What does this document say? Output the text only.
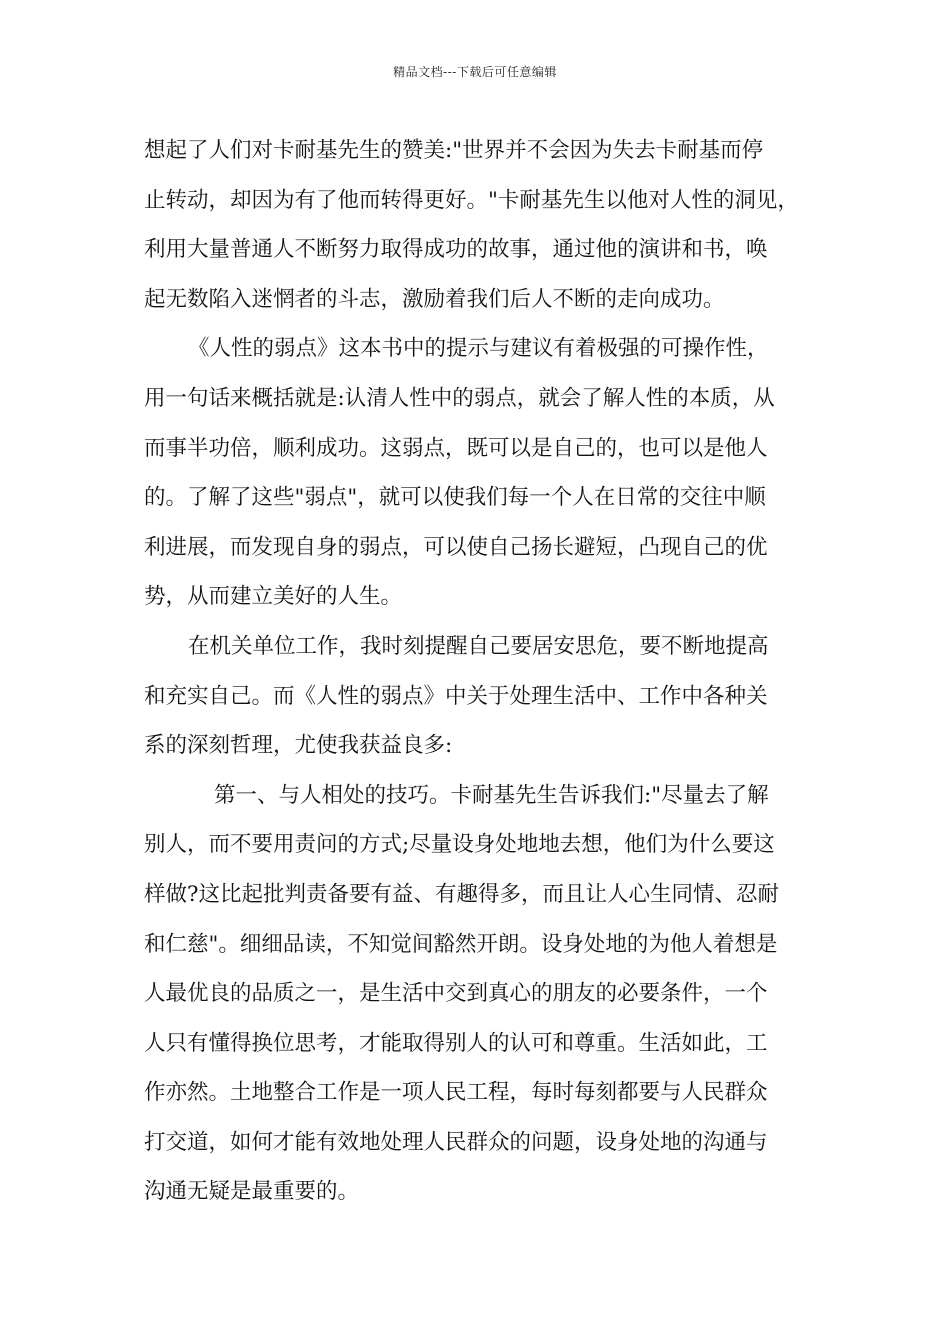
精品文档---下载后可任意编辑
想起了人们对卡耐基先生的赞美:"世界并不会因为失去卡耐基而停
止转动，却因为有了他而转得更好。"卡耐基先生以他对人性的洞见，
利用大量普通人不断努力取得成功的故事，通过他的演讲和书，唤
起无数陷入迷惘者的斗志，激励着我们后人不断的走向成功。
《人性的弱点》这本书中的提示与建议有着极强的可操作性，
用一句话来概括就是:认清人性中的弱点，就会了解人性的本质，从
而事半功倍，顺利成功。这弱点，既可以是自己的，也可以是他人
的。了解了这些"弱点"，就可以使我们每一个人在日常的交往中顺
利进展，而发现自身的弱点，可以使自己扬长避短，凸现自己的优
势，从而建立美好的人生。
在机关单位工作，我时刻提醒自己要居安思危，要不断地提高
和充实自己。而《人性的弱点》中关于处理生活中、工作中各种关
系的深刻哲理，尤使我获益良多:
第一、与人相处的技巧。卡耐基先生告诉我们:"尽量去了解
别人，而不要用责问的方式;尽量设身处地地去想，他们为什么要这
样做?这比起批判责备要有益、有趣得多，而且让人心生同情、忍耐
和仁慈"。细细品读，不知觉间豁然开朗。设身处地的为他人着想是
人最优良的品质之一，是生活中交到真心的朋友的必要条件，一个
人只有懂得换位思考，才能取得别人的认可和尊重。生活如此，工
作亦然。土地整合工作是一项人民工程，每时每刻都要与人民群众
打交道，如何才能有效地处理人民群众的问题，设身处地的沟通与
沟通无疑是最重要的。
